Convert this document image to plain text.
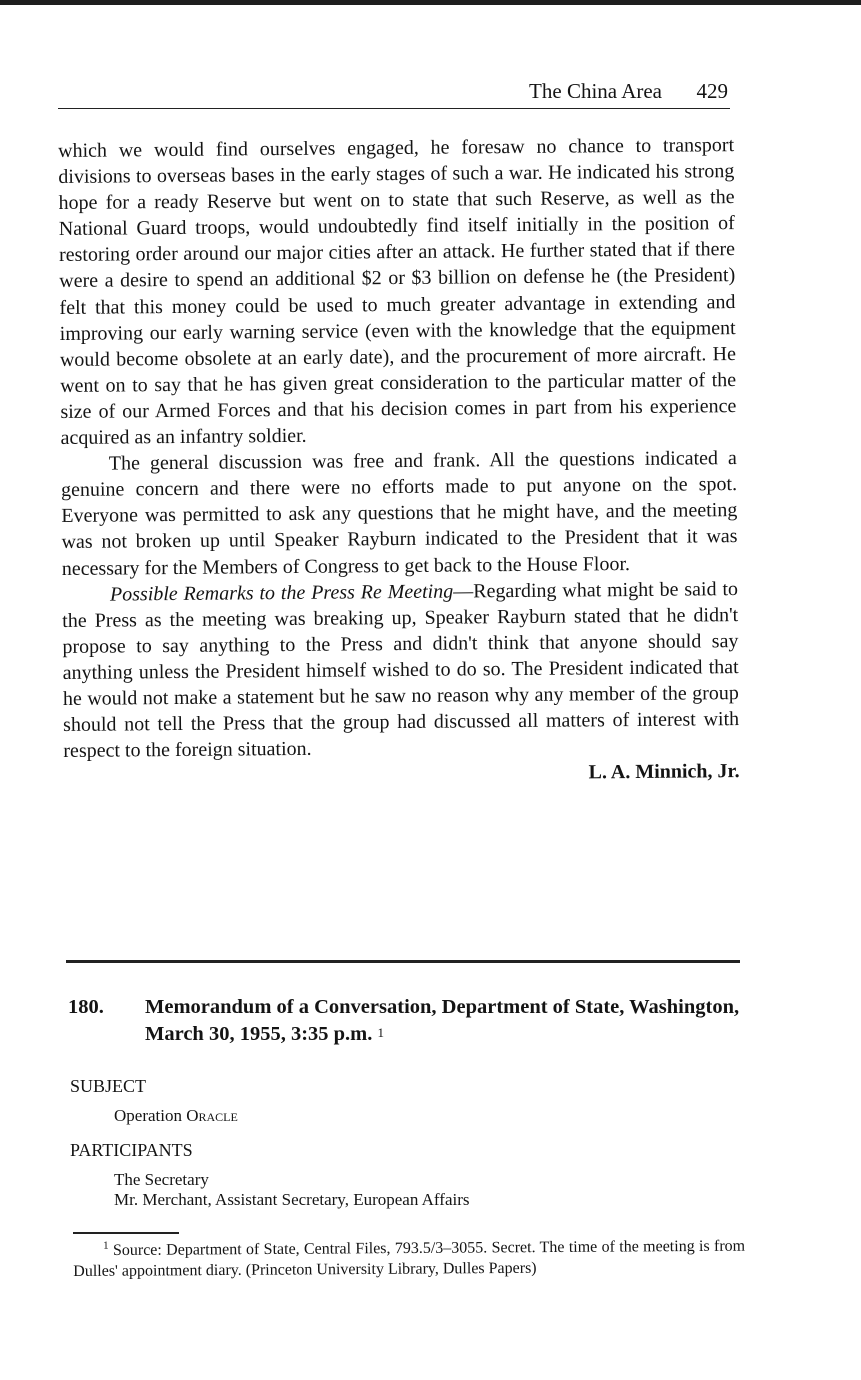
The China Area 429

which we would find ourselves engaged, he foresaw no chance to transport divisions to overseas bases in the early stages of such a war. He indicated his strong hope for a ready Reserve but went on to state that such Reserve, as well as the National Guard troops, would undoubtedly find itself initially in the position of restoring order around our major cities after an attack. He further stated that if there were a desire to spend an additional $2 or $3 billion on defense he (the President) felt that this money could be used to much greater advantage in extending and improving our early warning service (even with the knowledge that the equipment would become obsolete at an early date), and the procurement of more aircraft. He went on to say that he has given great consideration to the particular matter of the size of our Armed Forces and that his decision comes in part from his experience acquired as an infantry soldier.

The general discussion was free and frank. All the questions indicated a genuine concern and there were no efforts made to put anyone on the spot. Everyone was permitted to ask any questions that he might have, and the meeting was not broken up until Speaker Rayburn indicated to the President that it was necessary for the Members of Congress to get back to the House Floor.

Possible Remarks to the Press Re Meeting—Regarding what might be said to the Press as the meeting was breaking up, Speaker Rayburn stated that he didn't propose to say anything to the Press and didn't think that anyone should say anything unless the President himself wished to do so. The President indicated that he would not make a statement but he saw no reason why any member of the group should not tell the Press that the group had discussed all matters of interest with respect to the foreign situation.

L. A. Minnich, Jr.

180. Memorandum of a Conversation, Department of State, Washington, March 30, 1955, 3:35 p.m. $^1$
SUBJECT
Operation Oracle
PARTICIPANTS
The Secretary
Mr. Merchant, Assistant Secretary, European Affairs
$^1$ Source: Department of State, Central Files, 793.5/3–3055. Secret. The time of the meeting is from Dulles' appointment diary. (Princeton University Library, Dulles Papers)
